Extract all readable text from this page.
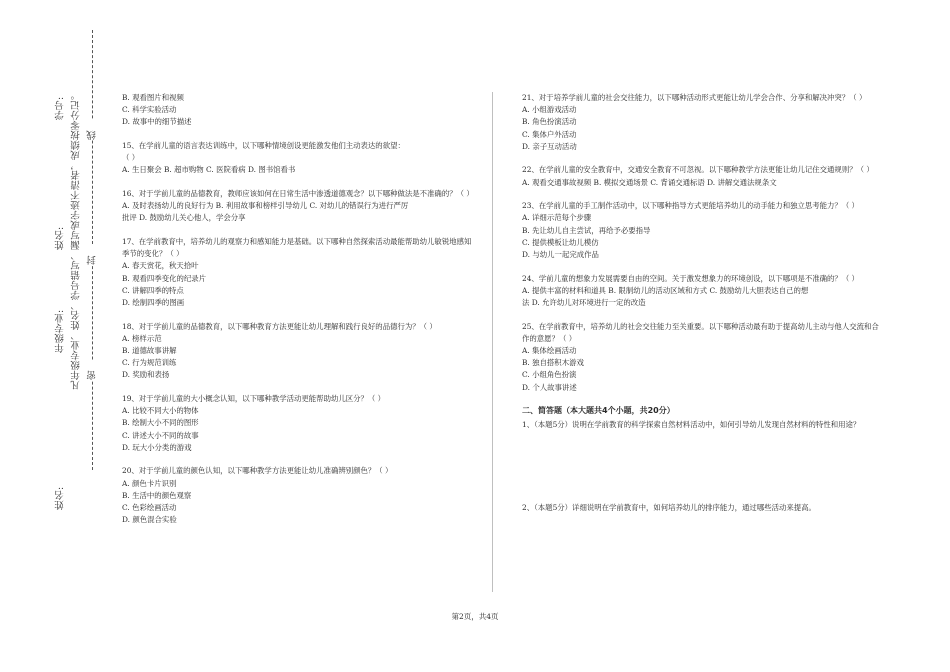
姓名:
年级专业:
学号:
姓名: 凡年级专业、姓名、学号错写、漏写或字迹不清者，成绩按零分记。 密
封
线
B. 观看图片和视频
C. 科学实验活动
D. 故事中的细节描述
15、在学前儿童的语言表达训练中，以下哪种情境创设更能激发他们主动表达的欲望：
（ ）
A. 生日聚会 B. 超市购物 C. 医院看病 D. 图书馆看书
16、对于学前儿童的品德教育，教师应该如何在日常生活中渗透道德观念？以下哪种做法是不准确的？（ ）
A. 及时表扬幼儿的良好行为 B. 利用故事和榜样引导幼儿 C. 对幼儿的错误行为进行严厉
批评 D. 鼓励幼儿关心他人，学会分享
17、在学前教育中，培养幼儿的观察力和感知能力是基础。以下哪种自然探索活动最能帮助幼儿敏锐地感知季节的变化？（ ）
A. 春天赏花，秋天拾叶
B. 观看四季变化的纪录片
C. 讲解四季的特点
D. 绘制四季的图画
18、对于学前儿童的品德教育，以下哪种教育方法更能让幼儿理解和践行良好的品德行为？（ ）
A. 榜样示范
B. 道德故事讲解
C. 行为规范训练
D. 奖励和表扬
19、对于学前儿童的大小概念认知，以下哪种教学活动更能帮助幼儿区分？（ ）
A. 比较不同大小的物体
B. 绘制大小不同的图形
C. 讲述大小不同的故事
D. 玩大小分类的游戏
20、对于学前儿童的颜色认知，以下哪种教学方法更能让幼儿准确辨别颜色？（ ）
A. 颜色卡片识别
B. 生活中的颜色观察
C. 色彩绘画活动
D. 颜色混合实验
21、对于培养学前儿童的社会交往能力，以下哪种活动形式更能让幼儿学会合作、分享和解决冲突？（ ）
A. 小组游戏活动
B. 角色扮演活动
C. 集体户外活动
D. 亲子互动活动
22、在学前儿童的安全教育中，交通安全教育不可忽视。以下哪种教学方法更能让幼儿记住交通规则？（ ）
A. 观看交通事故视频 B. 模拟交通场景 C. 背诵交通标语 D. 讲解交通法规条文
23、在学前儿童的手工制作活动中，以下哪种指导方式更能培养幼儿的动手能力和独立思考能力？（ ）
A. 详细示范每个步骤
B. 先让幼儿自主尝试，再给予必要指导
C. 提供模板让幼儿模仿
D. 与幼儿一起完成作品
24、学前儿童的想象力发展需要自由的空间。关于激发想象力的环境创设，以下哪项是不准确的？（ ）
A. 提供丰富的材料和道具 B. 限制幼儿的活动区域和方式 C. 鼓励幼儿大胆表达自己的想
法 D. 允许幼儿对环境进行一定的改造
25、在学前教育中，培养幼儿的社会交往能力至关重要。以下哪种活动最有助于提高幼儿主动与他人交流和合作的意愿？（ ）
A. 集体绘画活动
B. 独自搭积木游戏
C. 小组角色扮演
D. 个人故事讲述
二、简答题（本大题共4个小题，共20分）
1、（本题5分）说明在学前教育的科学探索自然材料活动中，如何引导幼儿发现自然材料的特性和用途？
2、（本题5分）详细说明在学前教育中，如何培养幼儿的排序能力，通过哪些活动来提高。
第2页，共4页
